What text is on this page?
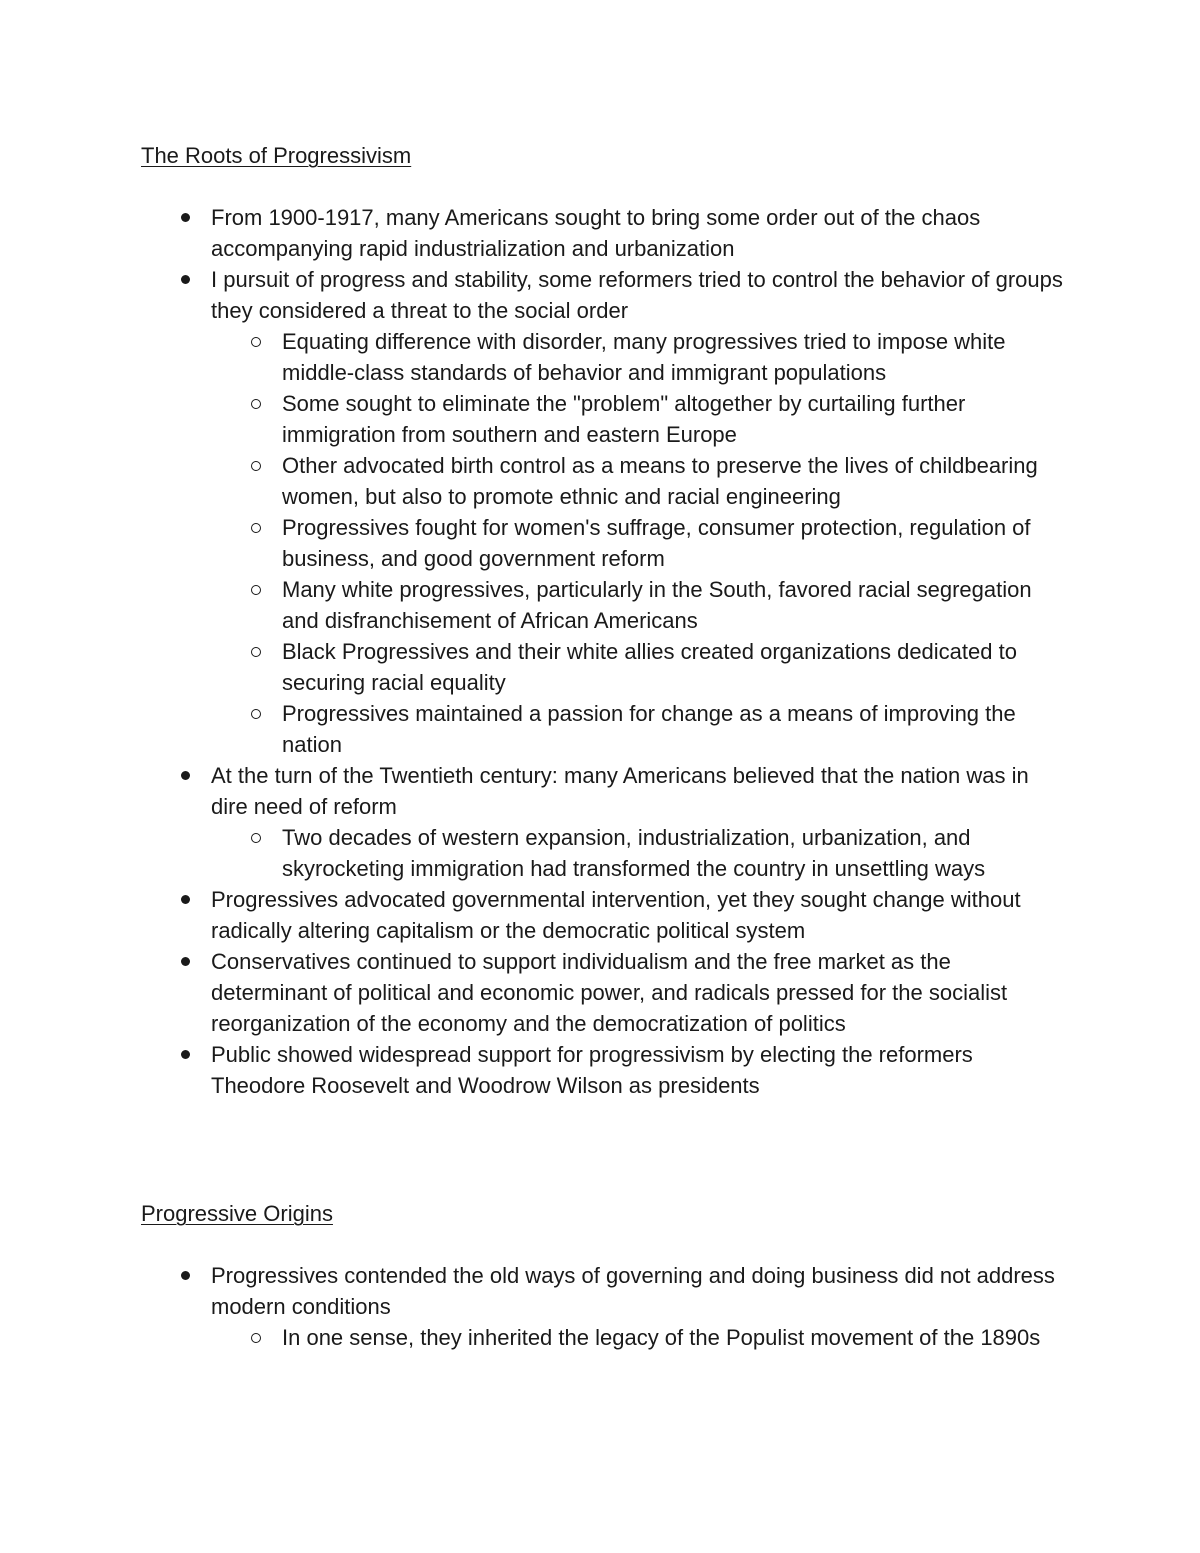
The Roots of Progressivism
From 1900-1917, many Americans sought to bring some order out of the chaos accompanying rapid industrialization and urbanization
I pursuit of progress and stability, some reformers tried to control the behavior of groups they considered a threat to the social order
Equating difference with disorder, many progressives tried to impose white middle-class standards of behavior and immigrant populations
Some sought to eliminate the "problem" altogether by curtailing further immigration from southern and eastern Europe
Other advocated birth control as a means to preserve the lives of childbearing women, but also to promote ethnic and racial engineering
Progressives fought for women's suffrage, consumer protection, regulation of business, and good government reform
Many white progressives, particularly in the South, favored racial segregation and disfranchisement of African Americans
Black Progressives and their white allies created organizations dedicated to securing racial equality
Progressives maintained a passion for change as a means of improving the nation
At the turn of the Twentieth century: many Americans believed that the nation was in dire need of reform
Two decades of western expansion, industrialization, urbanization, and skyrocketing immigration had transformed the country in unsettling ways
Progressives advocated governmental intervention, yet they sought change without radically altering capitalism or the democratic political system
Conservatives continued to support individualism and the free market as the determinant of political and economic power, and radicals pressed for the socialist reorganization of the economy and the democratization of politics
Public showed widespread support for progressivism by electing the reformers Theodore Roosevelt and Woodrow Wilson as presidents
Progressive Origins
Progressives contended the old ways of governing and doing business did not address modern conditions
In one sense, they inherited the legacy of the Populist movement of the 1890s
